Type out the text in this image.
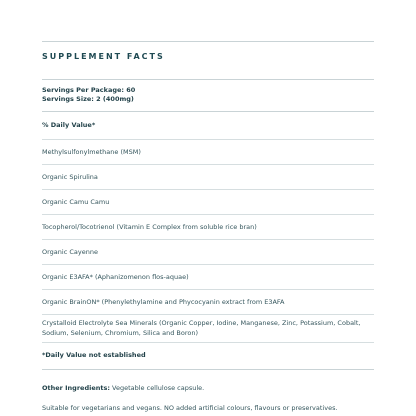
SUPPLEMENT FACTS
Servings Per Package: 60
Servings Size: 2 (400mg)
% Daily Value*
Methylsulfonylmethane (MSM)
Organic Spirulina
Organic Camu Camu
Tocopherol/Tocotrienol (Vitamin E Complex from soluble rice bran)
Organic Cayenne
Organic E3AFA* (Aphanizomenon flos-aquae)
Organic BrainON* (Phenylethylamine and Phycocyanin extract from E3AFA
Crystalloid Electrolyte Sea Minerals (Organic Copper, Iodine, Manganese, Zinc, Potassium, Cobalt, Sodium, Selenium, Chromium, Silica and Boron)
*Daily Value not established
Other Ingredients: Vegetable cellulose capsule.
Suitable for vegetarians and vegans. NO added artificial colours, flavours or preservatives.
